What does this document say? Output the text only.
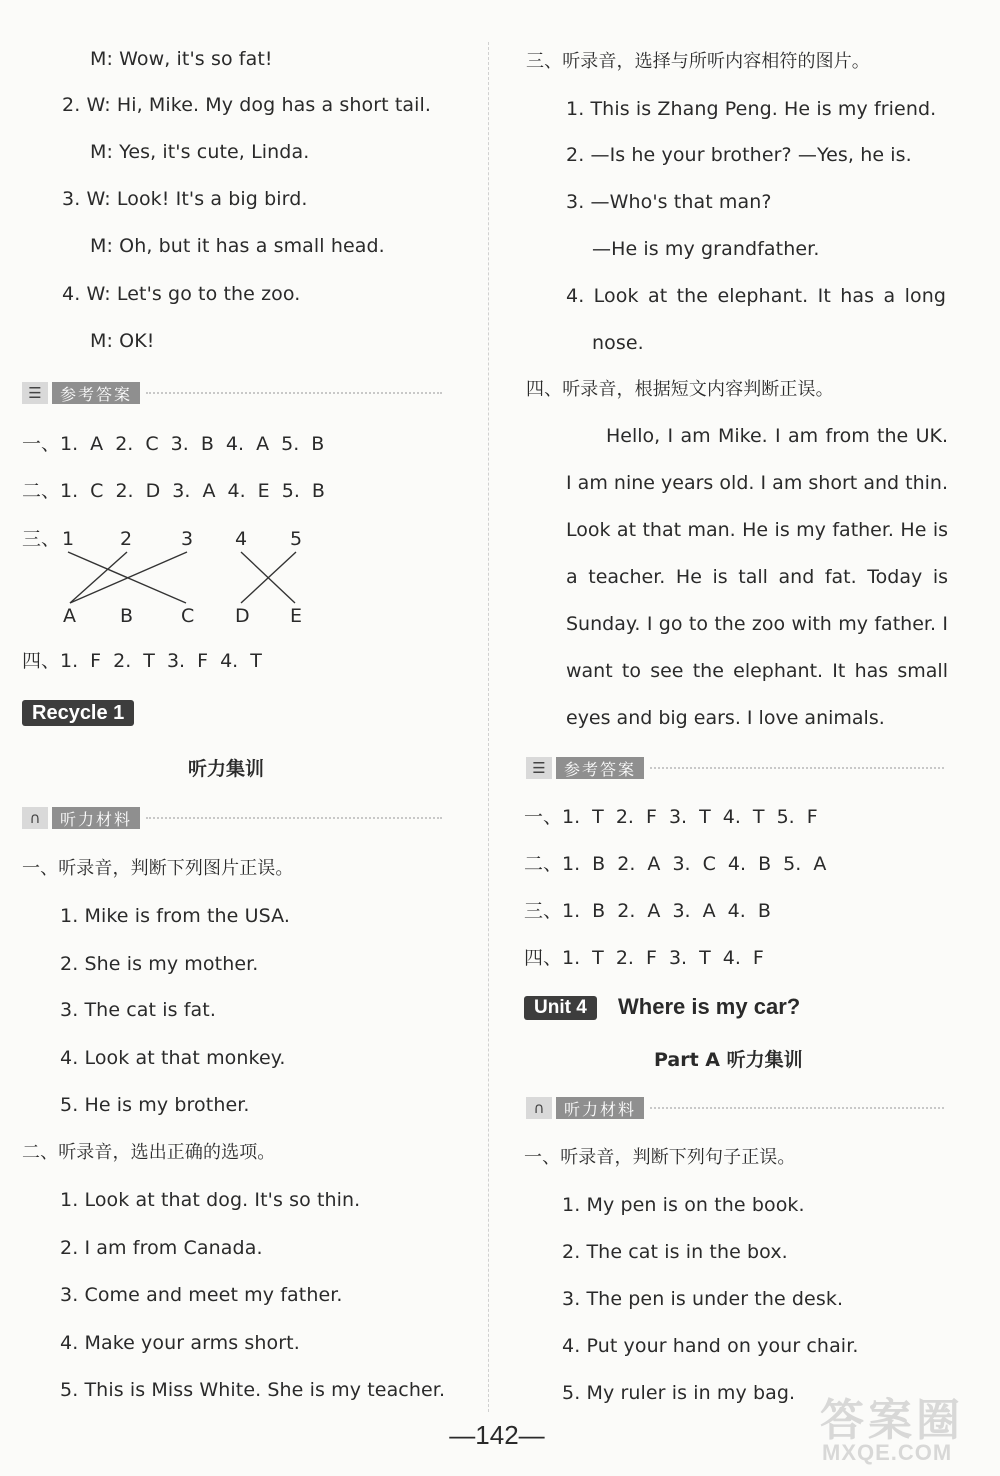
M: Wow, it's so fat!
2. W: Hi, Mike. My dog has a short tail.
M: Yes, it's cute, Linda.
3. W: Look! It's a big bird.
M: Oh, but it has a small head.
4. W: Let's go to the zoo.
M: OK!
☰	参考答案
一、1. A 2. C 3. B 4. A 5. B
二、1. C 2. D 3. A 4. E 5. B
三、 1 2	3 4 5
A B	C D E
四、1. F 2. T 3. F 4. T
Recycle 1
听力集训
∩	听力材料
一、听录音，判断下列图片正误。
1. Mike is from the USA.
2. She is my mother.
3. The cat is fat.
4. Look at that monkey.
5. He is my brother.
二、听录音，选出正确的选项。
1. Look at that dog. It's so thin.
2. I am from Canada.
3. Come and meet my father.
4. Make your arms short.
5. This is Miss White. She is my teacher.
三、听录音，选择与所听内容相符的图片。
1. This is Zhang Peng. He is my friend.
2. —Is he your brother? —Yes, he is.
3. —Who's that man?
—He is my grandfather.
4. Look at the elephant. It has a long
nose.
四、听录音，根据短文内容判断正误。
Hello, I am Mike. I am from the UK. I am nine years old. I am short and thin. Look at that man. He is my father. He is a teacher. He is tall and fat. Today is Sunday. I go to the zoo with my father. I want to see the elephant. It has small eyes and big ears. I love animals.
☰	参考答案
一、1. T 2. F 3. T 4. T 5. F
二、1. B 2. A 3. C 4. B 5. A
三、1. B 2. A 3. A 4. B
四、1. T 2. F 3. T 4. F
Unit 4	Where is my car?
Part A 听力集训
∩	听力材料
一、听录音，判断下列句子正误。
1. My pen is on the book.
2. The cat is in the box.
3. The pen is under the desk.
4. Put your hand on your chair.
5. My ruler is in my bag.
—142—	答案圈
MXQE.COM
